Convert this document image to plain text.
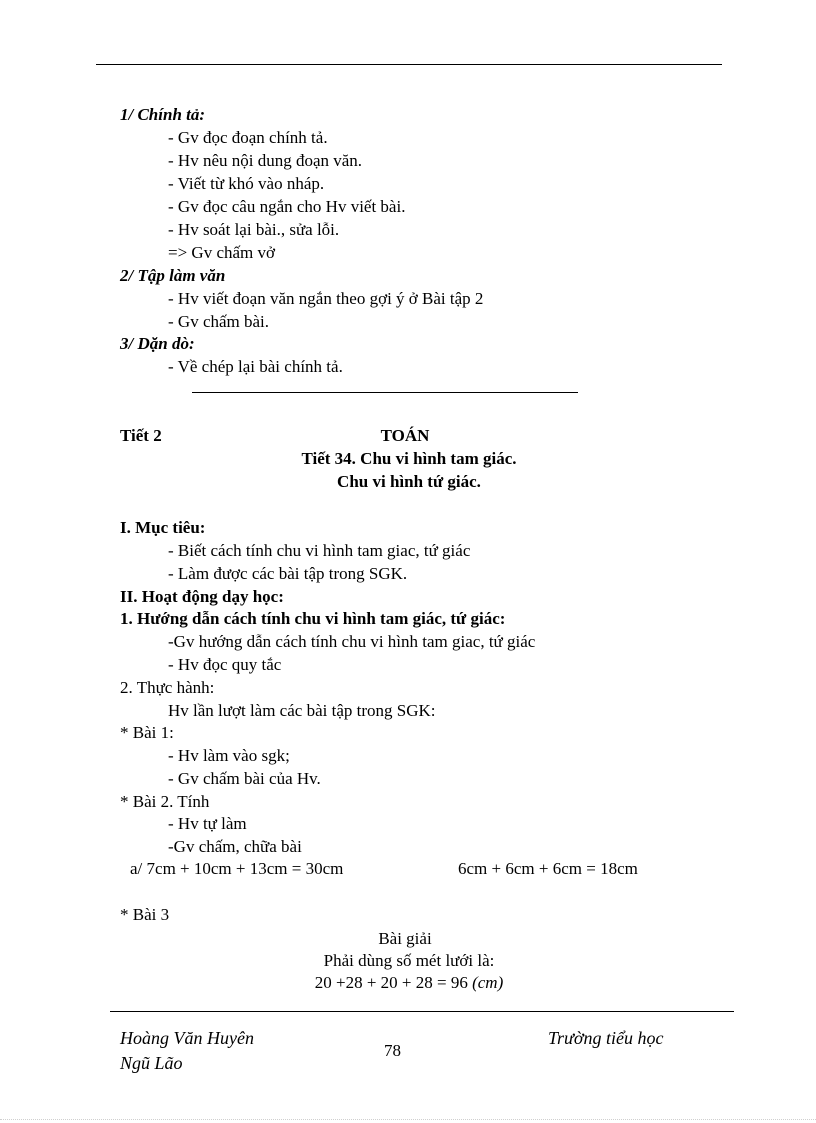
1/ Chính tả:
- Gv đọc đoạn chính tả.
- Hv nêu nội dung đoạn văn.
- Viết từ khó vào nháp.
- Gv đọc câu ngắn cho Hv viết bài.
- Hv soát lại bài., sửa lỗi.
=> Gv chấm vở
2/ Tập làm văn
- Hv viết đoạn văn ngắn theo gợi ý ở Bài tập 2
- Gv chấm bài.
3/ Dặn dò:
- Về chép lại bài chính tả.
Tiết 2	TOÁN
Tiết 34. Chu vi hình tam giác.
Chu vi hình tứ giác.
I. Mục tiêu:
- Biết cách tính chu vi hình tam giac, tứ giác
- Làm được các bài tập trong SGK.
II. Hoạt động dạy học:
1. Hướng dẫn cách tính chu vi hình tam giác, tứ giác:
-Gv hướng dẫn cách tính chu vi hình tam giac, tứ giác
- Hv đọc quy tắc
2. Thực hành:
Hv lần lượt làm các bài tập trong SGK:
* Bài 1:
- Hv làm vào sgk;
- Gv chấm bài của Hv.
* Bài 2. Tính
- Hv tự làm
-Gv chấm, chữa bài
a/ 7cm + 10cm + 13cm = 30cm	6cm + 6cm + 6cm = 18cm
* Bài 3
Bài giải
Phải dùng số mét lưới là:
20 +28 + 20 + 28 = 96 (cm)
Hoàng Văn Huyên
Ngũ Lão
78
Trường tiểu học
